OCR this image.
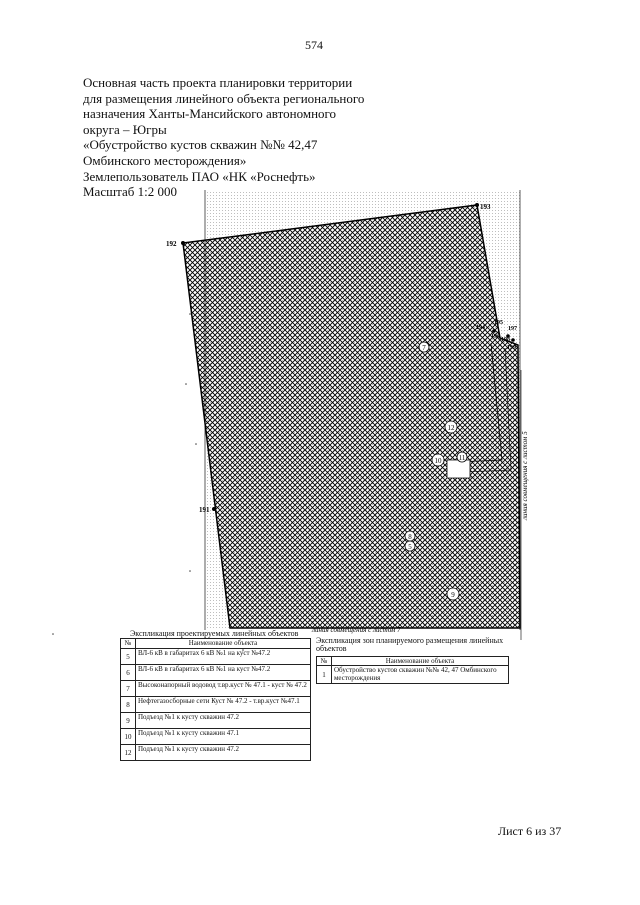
574
Основная часть проекта планировки территории
для размещения линейного объекта регионального
назначения Ханты-Мансийского автономного
округа – Югры
«Обустройство кустов скважин №№ 42,47
Омбинского месторождения»
Землепользователь ПАО «НК «Роснефть»
Масштаб 1:2 000
192
193
191
194
195
196
197
198
199
7
12
10 11
9
8
5
линия совмещения с листом 5
линия совмещения с листом 7
Экспликация проектируемых линейных объектов
№	Наименование объекта
5	ВЛ-6 кВ в габаритах 6 кВ №1 на куст №47.2
6	ВЛ-6 кВ в габаритах 6 кВ №1 на куст №47.2
7	Высоконапорный водовод т.вр.куст № 47.1 - куст № 47.2
8	Нефтегазосборные сети Куст № 47.2 - т.вр.куст №47.1
9	Подъезд №1 к кусту скважин 47.2
10	Подъезд №1 к кусту скважин 47.1
12	Подъезд №1 к кусту скважин 47.2
Экспликация зон планируемого размещения линейных объектов
№	Наименование объекта
1	Обустройство кустов скважин №№ 42, 47 Омбинского месторождения
Лист 6 из 37
